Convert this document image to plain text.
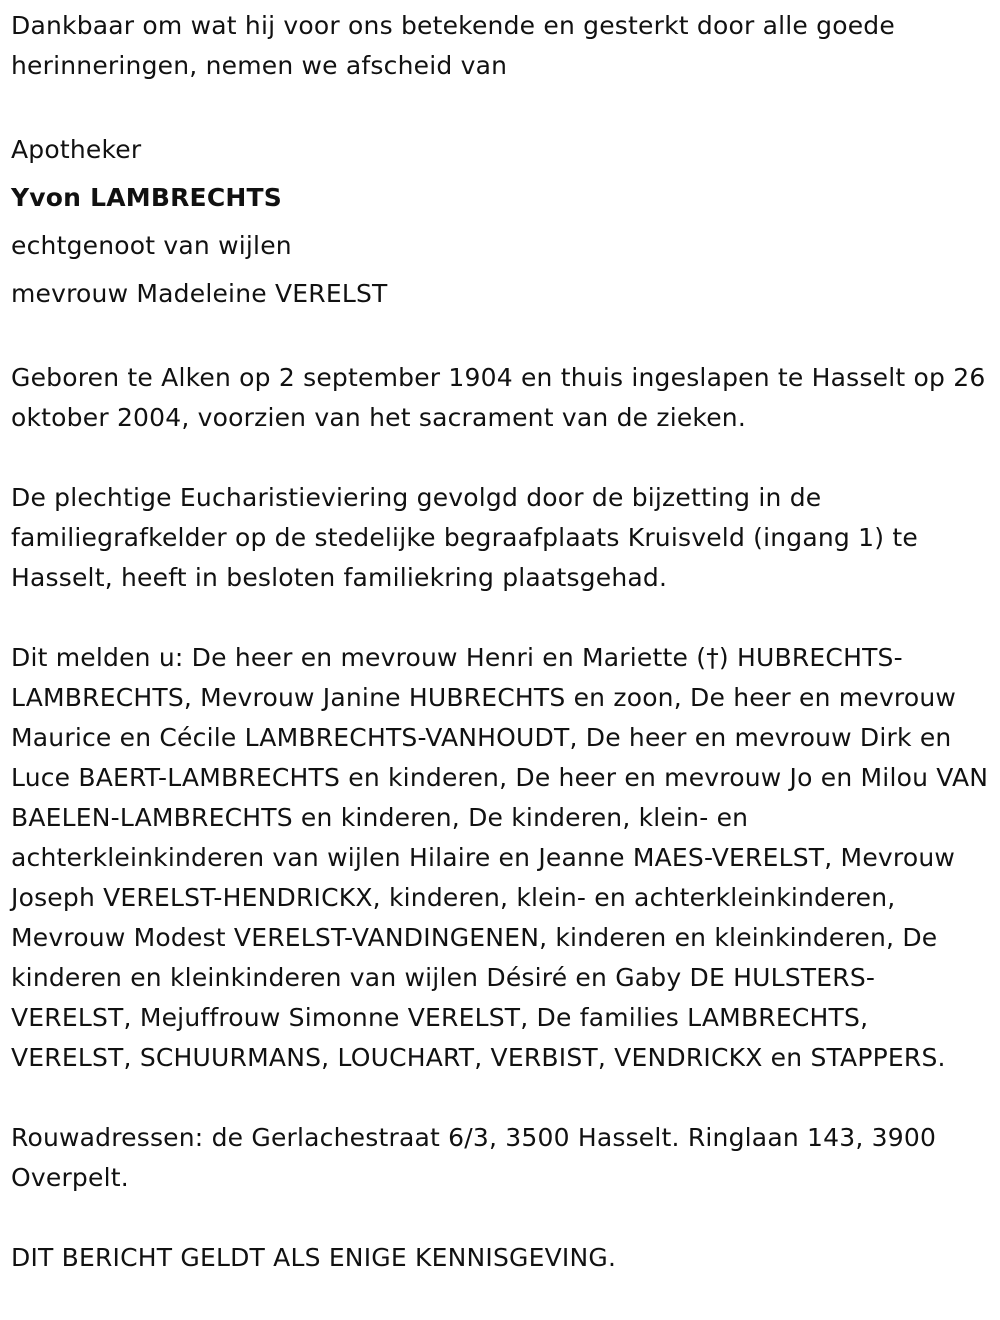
Dankbaar om wat hij voor ons betekende en gesterkt door alle goede herinneringen, nemen we afscheid van

Apotheker

Yvon LAMBRECHTS

echtgenoot van wijlen

mevrouw Madeleine VERELST

Geboren te Alken op 2 september 1904 en thuis ingeslapen te Hasselt op 26 oktober 2004, voorzien van het sacrament van de zieken.

De plechtige Eucharistieviering gevolgd door de bijzetting in de familiegrafkelder op de stedelijke begraafplaats Kruisveld (ingang 1) te Hasselt, heeft in besloten familiekring plaatsgehad.

Dit melden u: De heer en mevrouw Henri en Mariette (†) HUBRECHTS-LAMBRECHTS, Mevrouw Janine HUBRECHTS en zoon, De heer en mevrouw Maurice en Cécile LAMBRECHTS-VANHOUDT, De heer en mevrouw Dirk en Luce BAERT-LAMBRECHTS en kinderen, De heer en mevrouw Jo en Milou VAN BAELEN-LAMBRECHTS en kinderen, De kinderen, klein- en achterkleinkinderen van wijlen Hilaire en Jeanne MAES-VERELST, Mevrouw Joseph VERELST-HENDRICKX, kinderen, klein- en achterkleinkinderen, Mevrouw Modest VERELST-VANDINGENEN, kinderen en kleinkinderen, De kinderen en kleinkinderen van wijlen Désiré en Gaby DE HULSTERS-VERELST, Mejuffrouw Simonne VERELST, De families LAMBRECHTS, VERELST, SCHUURMANS, LOUCHART, VERBIST, VENDRICKX en STAPPERS.

Rouwadressen: de Gerlachestraat 6/3, 3500 Hasselt. Ringlaan 143, 3900 Overpelt.

DIT BERICHT GELDT ALS ENIGE KENNISGEVING.
